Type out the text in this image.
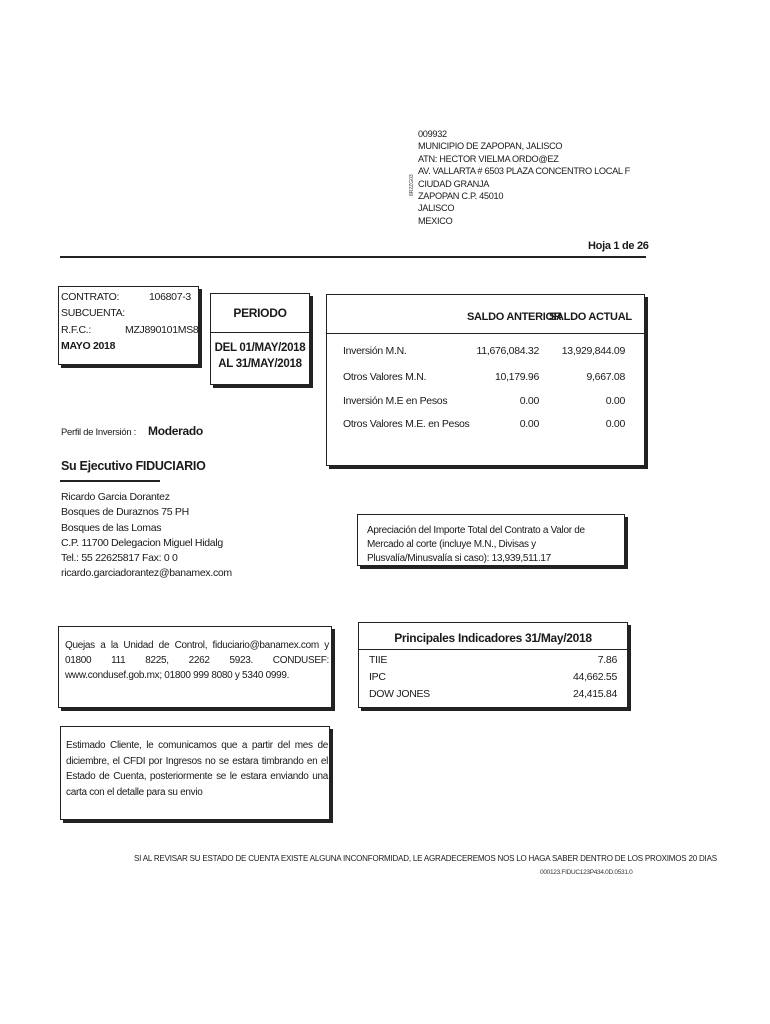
8R2ZG03
009932
MUNICIPIO DE ZAPOPAN, JALISCO
ATN: HECTOR VIELMA ORDO@EZ
AV. VALLARTA # 6503 PLAZA CONCENTRO LOCAL F
CIUDAD GRANJA
ZAPOPAN C.P. 45010
JALISCO
MEXICO
Hoja 1 de 26
CONTRATO:	106807-3
SUBCUENTA:
R.F.C.:	MZJ890101MS8
MAYO 2018
PERIODO
DEL 01/MAY/2018
AL 31/MAY/2018
SALDO ANTERIOR
SALDO ACTUAL
Inversión M.N.	11,676,084.32	13,929,844.09
Otros Valores M.N.	10,179.96	9,667.08
Inversión M.E en Pesos	0.00	0.00
Otros Valores M.E. en Pesos	0.00	0.00
Perfil de Inversión : Moderado
Su Ejecutivo FIDUCIARIO
Ricardo Garcia Dorantez
Bosques de Duraznos 75 PH
Bosques de las Lomas
C.P. 11700 Delegacion Miguel Hidalg
Tel.: 55 22625817 Fax: 0 0
ricardo.garciadorantez@banamex.com
Apreciación del Importe Total del Contrato a Valor de Mercado al corte (incluye M.N., Divisas y Plusvalía/Minusvalía si caso): 13,939,511.17
Quejas a la Unidad de Control, fiduciario@banamex.com y 01800 111 8225, 2262 5923. CONDUSEF: www.condusef.gob.mx; 01800 999 8080 y 5340 0999.
Principales Indicadores 31/May/2018
TIIE	7.86
IPC	44,662.55
DOW JONES	24,415.84
Estimado Cliente, le comunicamos que a partir del mes de diciembre, el CFDI por Ingresos no se estara timbrando en el Estado de Cuenta, posteriormente se le estara enviando una carta con el detalle para su envio
SI AL REVISAR SU ESTADO DE CUENTA EXISTE ALGUNA INCONFORMIDAD, LE AGRADECEREMOS NOS LO HAGA SABER DENTRO DE LOS PROXIMOS 20 DIAS
000123.FIDUC123P434.0D.0531.0
